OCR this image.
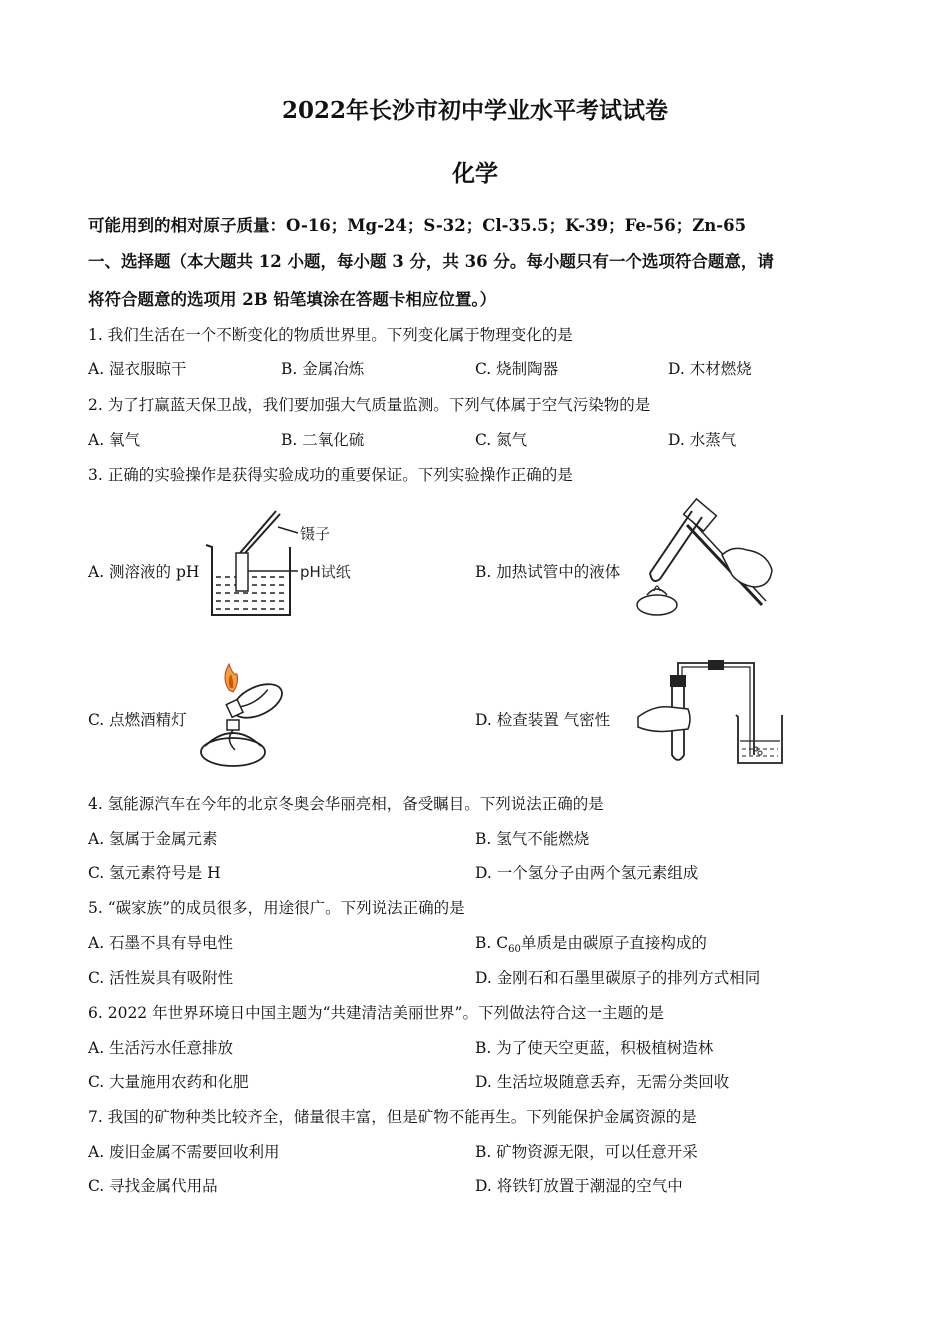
2022年长沙市初中学业水平考试试卷
化学
可能用到的相对原子质量：O-16；Mg-24；S-32；Cl-35.5；K-39；Fe-56；Zn-65
一、选择题（本大题共 12 小题，每小题 3 分，共 36 分。每小题只有一个选项符合题意，请
将符合题意的选项用 2B 铅笔填涂在答题卡相应位置。）
1. 我们生活在一个不断变化的物质世界里。下列变化属于物理变化的是
A. 湿衣服晾干	B. 金属冶炼	C. 烧制陶器	D. 木材燃烧
2. 为了打赢蓝天保卫战，我们要加强大气质量监测。下列气体属于空气污染物的是
A. 氧气	B. 二氧化硫	C. 氮气	D. 水蒸气
3. 正确的实验操作是获得实验成功的重要保证。下列实验操作正确的是
A. 测溶液的 pH
镊子
pH试纸	B. 加热试管中的液体
C. 点燃酒精灯	D. 检查装置 气密性
4. 氢能源汽车在今年的北京冬奥会华丽亮相，备受瞩目。下列说法正确的是
A. 氢属于金属元素	B. 氢气不能燃烧
C. 氢元素符号是 H	D. 一个氢分子由两个氢元素组成
5. “碳家族”的成员很多，用途很广。下列说法正确的是
A. 石墨不具有导电性	B. $C_{60}$单质是由碳原子直接构成的
C. 活性炭具有吸附性	D. 金刚石和石墨里碳原子的排列方式相同
6. 2022 年世界环境日中国主题为“共建清洁美丽世界”。下列做法符合这一主题的是
A. 生活污水任意排放	B. 为了使天空更蓝，积极植树造林
C. 大量施用农药和化肥	D. 生活垃圾随意丢弃，无需分类回收
7. 我国的矿物种类比较齐全，储量很丰富，但是矿物不能再生。下列能保护金属资源的是
A. 废旧金属不需要回收利用	B. 矿物资源无限，可以任意开采
C. 寻找金属代用品	D. 将铁钉放置于潮湿的空气中
